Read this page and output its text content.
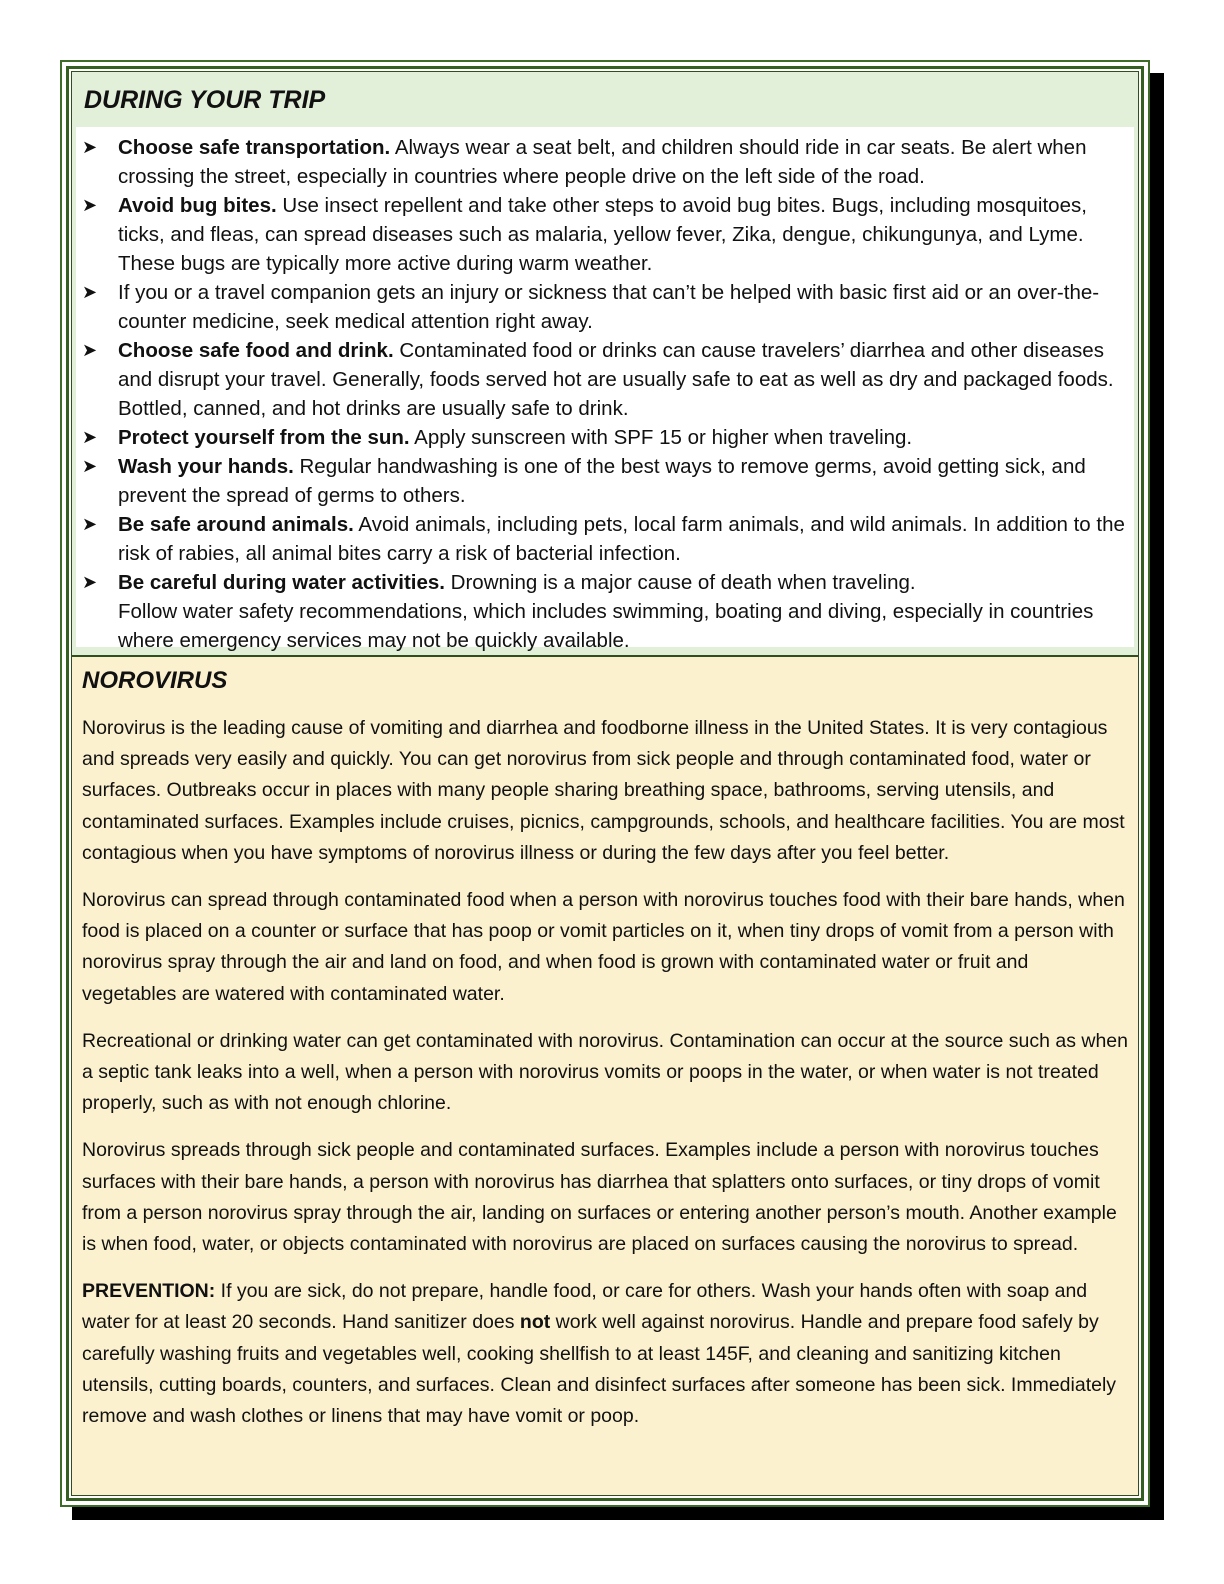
DURING YOUR TRIP
➤ Choose safe transportation. Always wear a seat belt, and children should ride in car seats. Be alert when crossing the street, especially in countries where people drive on the left side of the road.
➤ Avoid bug bites. Use insect repellent and take other steps to avoid bug bites. Bugs, including mosquitoes, ticks, and fleas, can spread diseases such as malaria, yellow fever, Zika, dengue, chikungunya, and Lyme. These bugs are typically more active during warm weather.
➤ If you or a travel companion gets an injury or sickness that can’t be helped with basic first aid or an over-the-counter medicine, seek medical attention right away.
➤ Choose safe food and drink. Contaminated food or drinks can cause travelers’ diarrhea and other diseases and disrupt your travel. Generally, foods served hot are usually safe to eat as well as dry and packaged foods. Bottled, canned, and hot drinks are usually safe to drink.
➤ Protect yourself from the sun. Apply sunscreen with SPF 15 or higher when traveling.
➤ Wash your hands. Regular handwashing is one of the best ways to remove germs, avoid getting sick, and prevent the spread of germs to others.
➤ Be safe around animals. Avoid animals, including pets, local farm animals, and wild animals. In addition to the risk of rabies, all animal bites carry a risk of bacterial infection.
➤ Be careful during water activities. Drowning is a major cause of death when traveling.
Follow water safety recommendations, which includes swimming, boating and diving, especially in countries where emergency services may not be quickly available.
NOROVIRUS

Norovirus is the leading cause of vomiting and diarrhea and foodborne illness in the United States. It is very contagious and spreads very easily and quickly. You can get norovirus from sick people and through contaminated food, water or surfaces. Outbreaks occur in places with many people sharing breathing space, bathrooms, serving utensils, and contaminated surfaces. Examples include cruises, picnics, campgrounds, schools, and healthcare facilities. You are most contagious when you have symptoms of norovirus illness or during the few days after you feel better.

Norovirus can spread through contaminated food when a person with norovirus touches food with their bare hands, when food is placed on a counter or surface that has poop or vomit particles on it, when tiny drops of vomit from a person with norovirus spray through the air and land on food, and when food is grown with contaminated water or fruit and vegetables are watered with contaminated water.

Recreational or drinking water can get contaminated with norovirus. Contamination can occur at the source such as when a septic tank leaks into a well, when a person with norovirus vomits or poops in the water, or when water is not treated properly, such as with not enough chlorine.

Norovirus spreads through sick people and contaminated surfaces. Examples include a person with norovirus touches surfaces with their bare hands, a person with norovirus has diarrhea that splatters onto surfaces, or tiny drops of vomit from a person norovirus spray through the air, landing on surfaces or entering another person’s mouth. Another example is when food, water, or objects contaminated with norovirus are placed on surfaces causing the norovirus to spread.

PREVENTION: If you are sick, do not prepare, handle food, or care for others. Wash your hands often with soap and water for at least 20 seconds. Hand sanitizer does not work well against norovirus. Handle and prepare food safely by carefully washing fruits and vegetables well, cooking shellfish to at least 145F, and cleaning and sanitizing kitchen utensils, cutting boards, counters, and surfaces. Clean and disinfect surfaces after someone has been sick. Immediately remove and wash clothes or linens that may have vomit or poop.
